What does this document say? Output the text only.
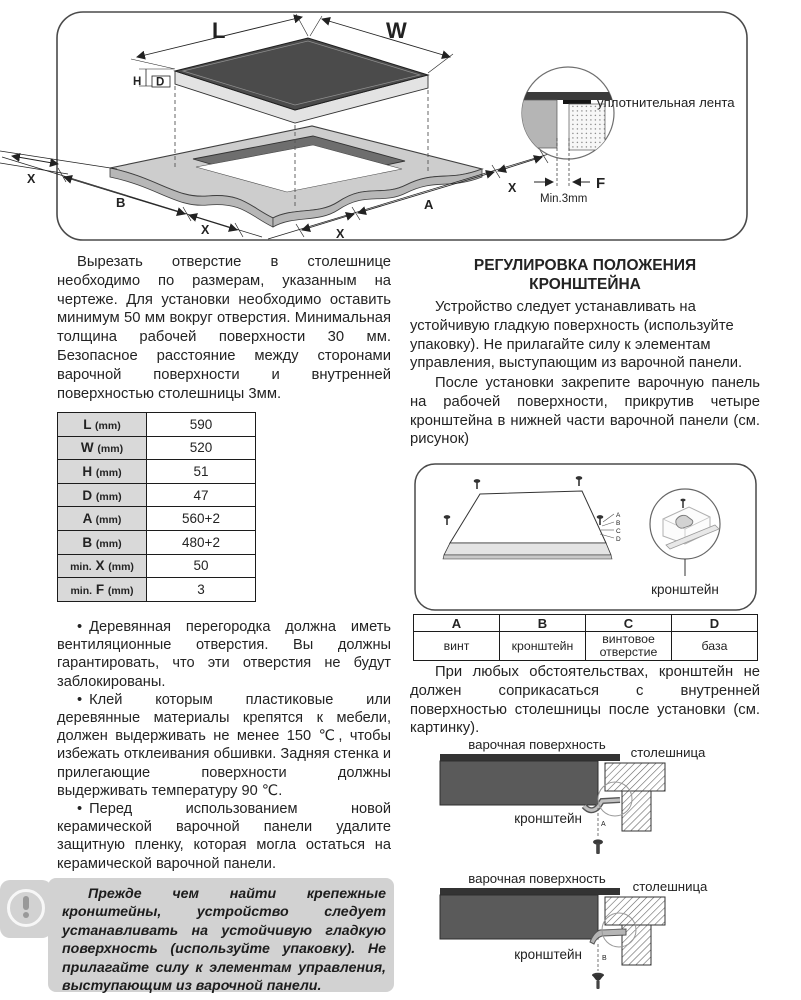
L	W
H D
X
B
X	X
A
X
уплотнительная лента
F
Min.3mm

Вырезать отверстие в столешнице необходимо по размерам, указанным на чертеже. Для установки необходимо оставить минимум 50 мм вокруг отверстия. Минимальная толщина рабочей поверхности 30 мм. Безопасное расстояние между сторонами варочной поверхности и внутренней поверхностью столешницы 3мм.

L (mm)	590
W (mm)	520
H (mm)	51
D (mm)	47
A (mm)	560+2
B (mm)	480+2
min. X (mm)	50
min. F (mm)	3

• Деревянная перегородка должна иметь вентиляционные отверстия. Вы должны гарантировать, что эти отверстия не будут заблокированы.

• Клей которым пластиковые или деревянные материалы крепятся к мебели, должен выдерживать не менее 150 ℃, чтобы избежать отклеивания обшивки. Задняя стенка и прилегающие поверхности должны выдерживать температуру 90 ℃.

• Перед использованием новой керамической варочной панели удалите защитную пленку, которая могла остаться на керамической варочной панели.

Прежде чем найти крепежные кронштейны, устройство следует устанавливать на устойчивую гладкую поверхность (используйте упаковку). Не прилагайте силу к элементам управления, выступающим из варочной панели.

РЕГУЛИРОВКА ПОЛОЖЕНИЯ КРОНШТЕЙНА

Устройство следует устанавливать на устойчивую гладкую поверхность (используйте упаковку). Не прилагайте силу к элементам управления, выступающим из варочной панели.

После установки закрепите варочную панель на рабочей поверхности, прикрутив четыре кронштейна в нижней части варочной панели (см. рисунок)

A
B
C
D
кронштейн
A	B	C	D
винт	кронштейн	винтовое отверстие	база

При любых обстоятельствах, кронштейн не должен соприкасаться с внутренней поверхностью столешницы после установки (см. картинку).

варочная поверхность
столешница
A
кронштейн
варочная поверхность
столешница
B
кронштейн
